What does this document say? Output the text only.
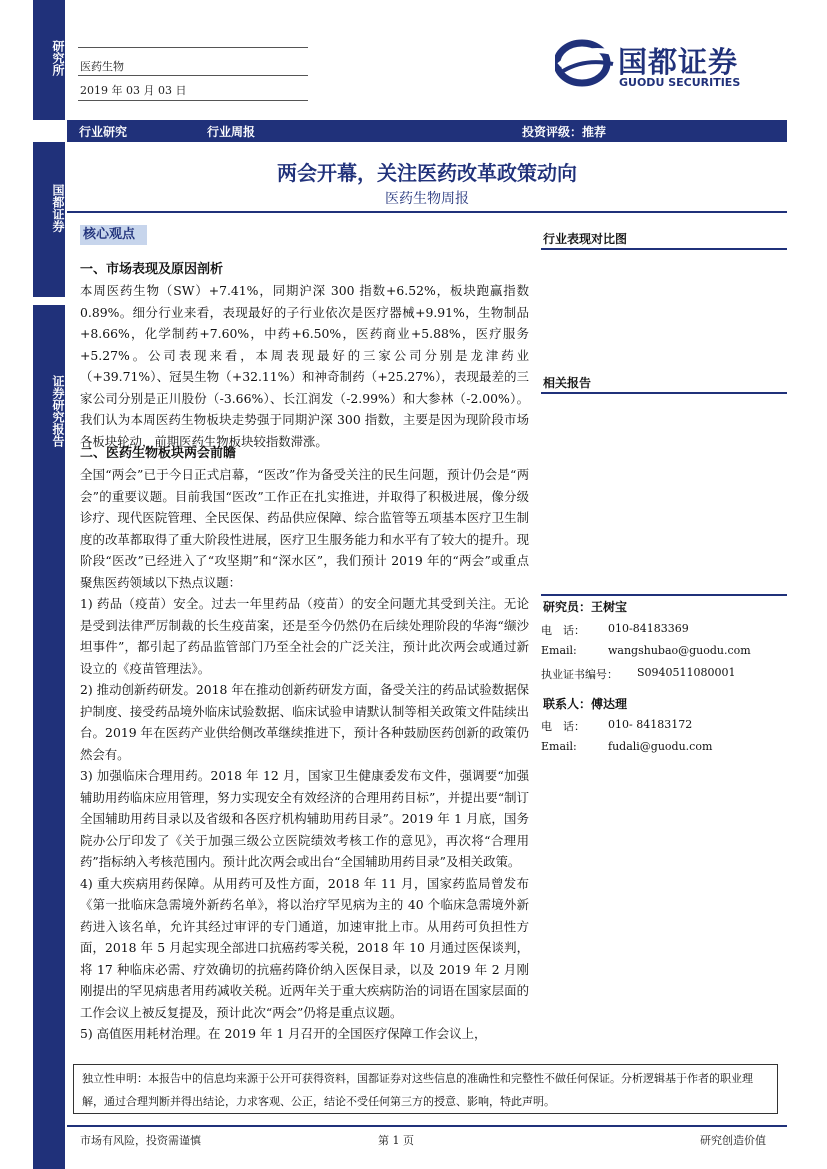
研究所
国都证券
证券研究报告
医药生物
2019 年 03 月 03 日
国都证券
GUODU SECURITIES
行业研究	行业周报	投资评级：推荐
两会开幕，关注医药改革政策动向
医药生物周报
核心观点
一、市场表现及原因剖析

本周医药生物（SW）+7.41%，同期沪深 300 指数+6.52%，板块跑赢指数 0.89%。细分行业来看，表现最好的子行业依次是医疗器械+9.91%，生物制品+8.66%，化学制药+7.60%，中药+6.50%，医药商业+5.88%，医疗服务+5.27%。公司表现来看，本周表现最好的三家公司分别是龙津药业（+39.71%）、冠昊生物（+32.11%）和神奇制药（+25.27%），表现最差的三家公司分别是正川股份（-3.66%）、长江润发（-2.99%）和大参林（-2.00%）。我们认为本周医药生物板块走势强于同期沪深 300 指数，主要是因为现阶段市场各板块轮动，前期医药生物板块较指数滞涨。

二、医药生物板块两会前瞻

全国“两会”已于今日正式启幕，“医改”作为备受关注的民生问题，预计仍会是“两会”的重要议题。目前我国“医改”工作正在扎实推进，并取得了积极进展，像分级诊疗、现代医院管理、全民医保、药品供应保障、综合监管等五项基本医疗卫生制度的改革都取得了重大阶段性进展，医疗卫生服务能力和水平有了较大的提升。现阶段“医改”已经进入了“攻坚期”和“深水区”，我们预计 2019 年的“两会”或重点聚焦医药领域以下热点议题：

1) 药品（疫苗）安全。过去一年里药品（疫苗）的安全问题尤其受到关注。无论是受到法律严厉制裁的长生疫苗案，还是至今仍然仍在后续处理阶段的华海“缬沙坦事件”，都引起了药品监管部门乃至全社会的广泛关注，预计此次两会或通过新设立的《疫苗管理法》。

2) 推动创新药研发。2018 年在推动创新药研发方面，备受关注的药品试验数据保护制度、接受药品境外临床试验数据、临床试验申请默认制等相关政策文件陆续出台。2019 年在医药产业供给侧改革继续推进下，预计各种鼓励医药创新的政策仍然会有。

3) 加强临床合理用药。2018 年 12 月，国家卫生健康委发布文件，强调要“加强辅助用药临床应用管理，努力实现安全有效经济的合理用药目标”，并提出要“制订全国辅助用药目录以及省级和各医疗机构辅助用药目录”。2019 年 1 月底，国务院办公厅印发了《关于加强三级公立医院绩效考核工作的意见》，再次将“合理用药”指标纳入考核范围内。预计此次两会或出台“全国辅助用药目录”及相关政策。

4) 重大疾病用药保障。从用药可及性方面，2018 年 11 月，国家药监局曾发布《第一批临床急需境外新药名单》，将以治疗罕见病为主的 40 个临床急需境外新药进入该名单，允许其经过审评的专门通道，加速审批上市。从用药可负担性方面，2018 年 5 月起实现全部进口抗癌药零关税，2018 年 10 月通过医保谈判，将 17 种临床必需、疗效确切的抗癌药降价纳入医保目录，以及 2019 年 2 月刚刚提出的罕见病患者用药减收关税。近两年关于重大疾病防治的词语在国家层面的工作会议上被反复提及，预计此次“两会”仍将是重点议题。

5) 高值医用耗材治理。在 2019 年 1 月召开的全国医疗保障工作会议上，

行业表现对比图
相关报告
研究员：王树宝
电　话： 010-84183369
Email:	wangshubao@guodu.com
执业证书编号： S0940511080001
联系人：傅达理
电　话： 010- 84183172
Email:	fudali@guodu.com
独立性申明：本报告中的信息均来源于公开可获得资料，国都证券对这些信息的准确性和完整性不做任何保证。分析逻辑基于作者的职业理解，通过合理判断并得出结论，力求客观、公正，结论不受任何第三方的授意、影响，特此声明。
市场有风险，投资需谨慎	第 1 页	研究创造价值
